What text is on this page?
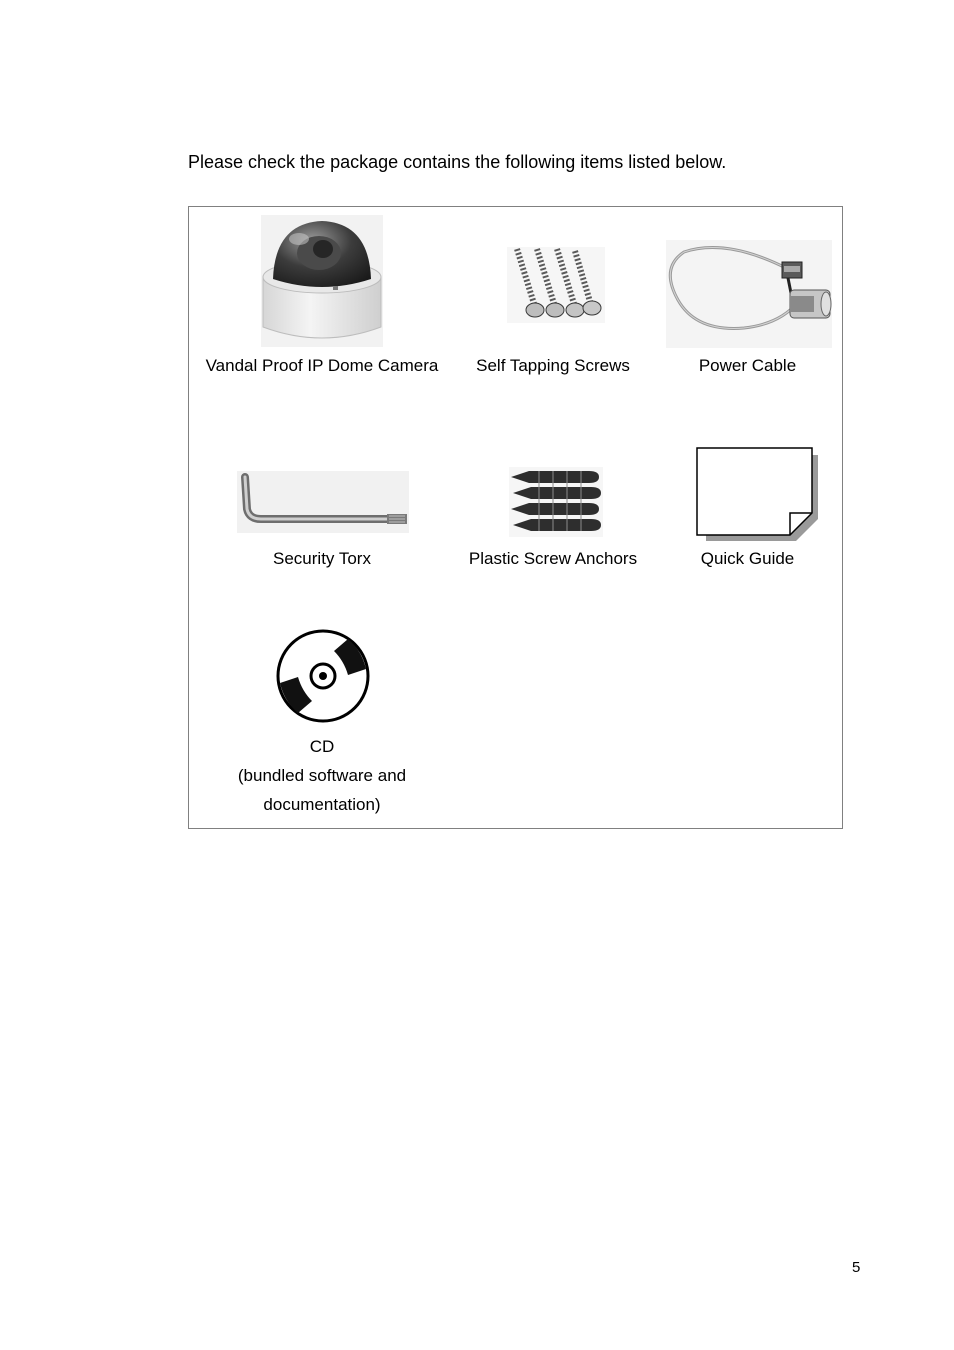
Please check the package contains the following items listed below.
Vandal Proof IP Dome Camera	Self Tapping Screws	Power Cable
Security Torx	Plastic Screw Anchors	Quick Guide
CD
(bundled software and
documentation)
5
